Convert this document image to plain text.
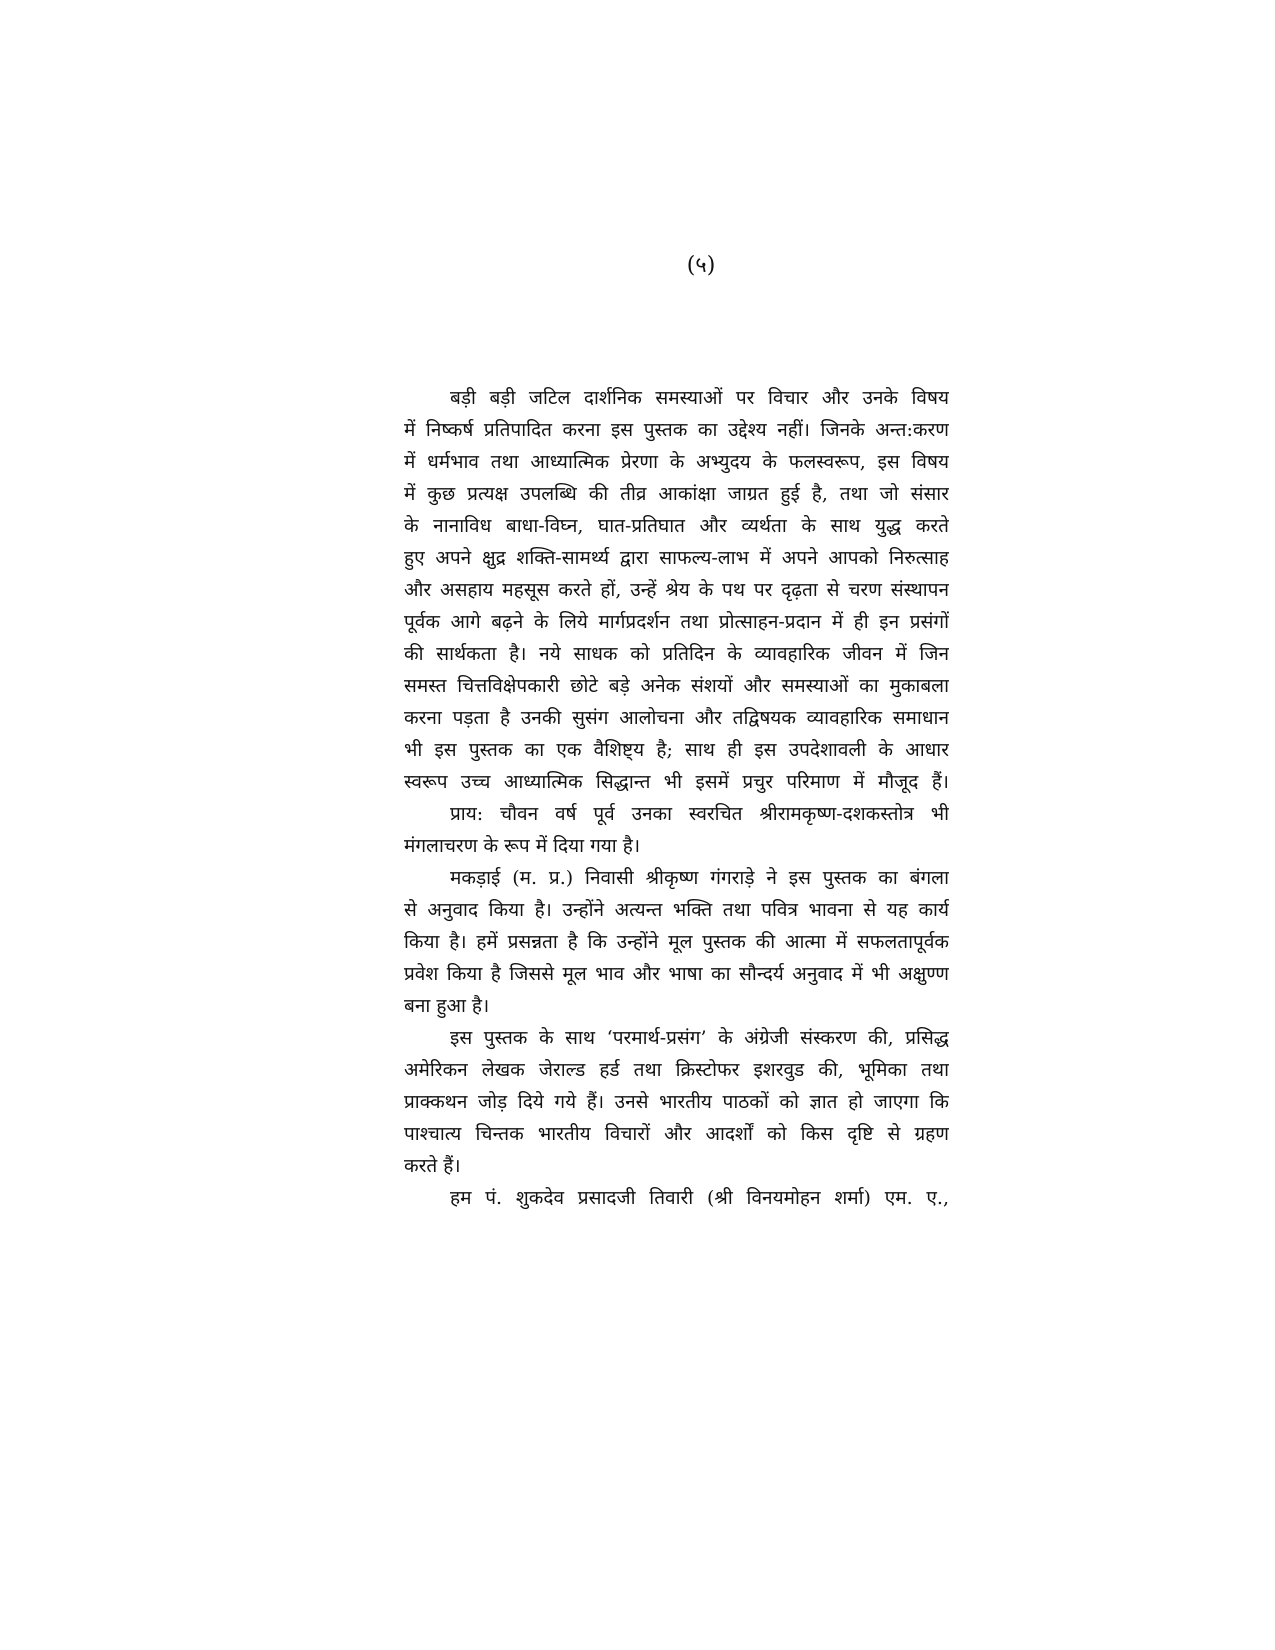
(५)
बड़ी बड़ी जटिल दार्शनिक समस्याओं पर विचार और उनके विषय
में निष्कर्ष प्रतिपादित करना इस पुस्तक का उद्देश्य नहीं। जिनके अन्त:करण
में धर्मभाव तथा आध्यात्मिक प्रेरणा के अभ्युदय के फलस्वरूप, इस विषय
में कुछ प्रत्यक्ष उपलब्धि की तीव्र आकांक्षा जाग्रत हुई है, तथा जो संसार
के नानाविध बाधा-विघ्न, घात-प्रतिघात और व्यर्थता के साथ युद्ध करते
हुए अपने क्षुद्र शक्ति-सामर्थ्य द्वारा साफल्य-लाभ में अपने आपको निरुत्साह
और असहाय महसूस करते हों, उन्हें श्रेय के पथ पर दृढ़ता से चरण संस्थापन
पूर्वक आगे बढ़ने के लिये मार्गप्रदर्शन तथा प्रोत्साहन-प्रदान में ही इन प्रसंगों
की सार्थकता है। नये साधक को प्रतिदिन के व्यावहारिक जीवन में जिन
समस्त चित्तविक्षेपकारी छोटे बड़े अनेक संशयों और समस्याओं का मुकाबला
करना पड़ता है उनकी सुसंग आलोचना और तद्विषयक व्यावहारिक समाधान
भी इस पुस्तक का एक वैशिष्ट्य है; साथ ही इस उपदेशावली के आधार
स्वरूप उच्च आध्यात्मिक सिद्धान्त भी इसमें प्रचुर परिमाण में मौजूद हैं।
प्राय: चौवन वर्ष पूर्व उनका स्वरचित श्रीरामकृष्ण-दशकस्तोत्र भी
मंगलाचरण के रूप में दिया गया है।
मकड़ाई (म. प्र.) निवासी श्रीकृष्ण गंगराड़े ने इस पुस्तक का बंगला
से अनुवाद किया है। उन्होंने अत्यन्त भक्ति तथा पवित्र भावना से यह कार्य
किया है। हमें प्रसन्नता है कि उन्होंने मूल पुस्तक की आत्मा में सफलतापूर्वक
प्रवेश किया है जिससे मूल भाव और भाषा का सौन्दर्य अनुवाद में भी अक्षुण्ण
बना हुआ है।
इस पुस्तक के साथ ‘परमार्थ-प्रसंग’ के अंग्रेजी संस्करण की, प्रसिद्ध
अमेरिकन लेखक जेराल्ड हर्ड तथा क्रिस्टोफर इशरवुड की, भूमिका तथा
प्राक्कथन जोड़ दिये गये हैं। उनसे भारतीय पाठकों को ज्ञात हो जाएगा कि
पाश्चात्य चिन्तक भारतीय विचारों और आदर्शों को किस दृष्टि से ग्रहण
करते हैं।
हम पं. शुकदेव प्रसादजी तिवारी (श्री विनयमोहन शर्मा) एम. ए.,
